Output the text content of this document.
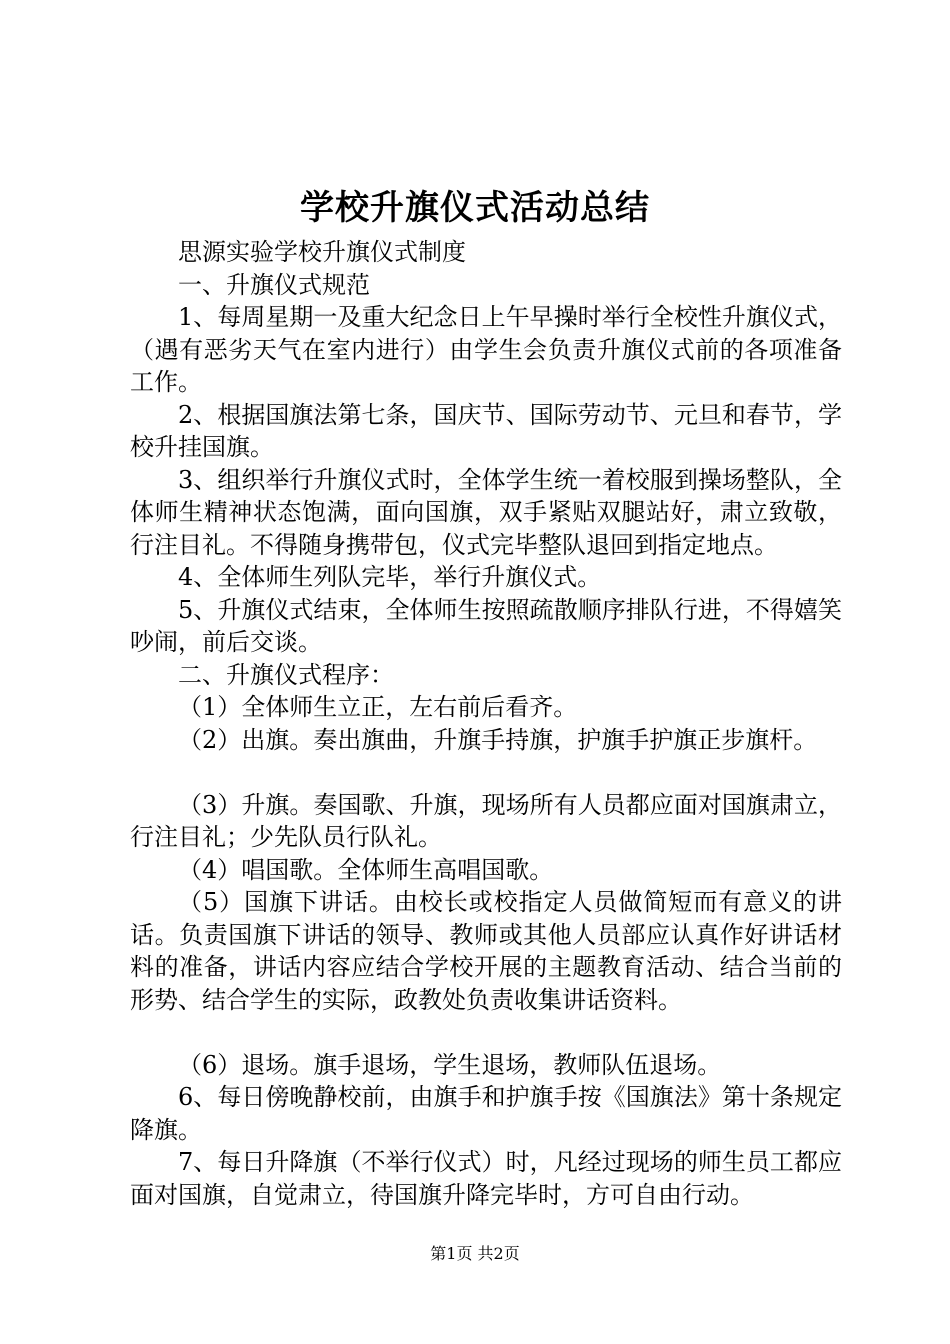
学校升旗仪式活动总结

思源实验学校升旗仪式制度

一、升旗仪式规范

1、每周星期一及重大纪念日上午早操时举行全校性升旗仪式，（遇有恶劣天气在室内进行）由学生会负责升旗仪式前的各项准备工作。

2、根据国旗法第七条，国庆节、国际劳动节、元旦和春节，学校升挂国旗。

3、组织举行升旗仪式时，全体学生统一着校服到操场整队，全体师生精神状态饱满，面向国旗，双手紧贴双腿站好，肃立致敬，行注目礼。不得随身携带包，仪式完毕整队退回到指定地点。

4、全体师生列队完毕，举行升旗仪式。

5、升旗仪式结束，全体师生按照疏散顺序排队行进，不得嬉笑吵闹，前后交谈。

二、升旗仪式程序：

（1）全体师生立正，左右前后看齐。

（2）出旗。奏出旗曲，升旗手持旗，护旗手护旗正步旗杆。

（3）升旗。奏国歌、升旗，现场所有人员都应面对国旗肃立，行注目礼；少先队员行队礼。

（4）唱国歌。全体师生高唱国歌。

（5）国旗下讲话。由校长或校指定人员做简短而有意义的讲话。负责国旗下讲话的领导、教师或其他人员部应认真作好讲话材料的准备，讲话内容应结合学校开展的主题教育活动、结合当前的形势、结合学生的实际，政教处负责收集讲话资料。

（6）退场。旗手退场，学生退场，教师队伍退场。

6、每日傍晚静校前，由旗手和护旗手按《国旗法》第十条规定降旗。

7、每日升降旗（不举行仪式）时，凡经过现场的师生员工都应面对国旗，自觉肃立，待国旗升降完毕时，方可自由行动。

第1页 共2页
